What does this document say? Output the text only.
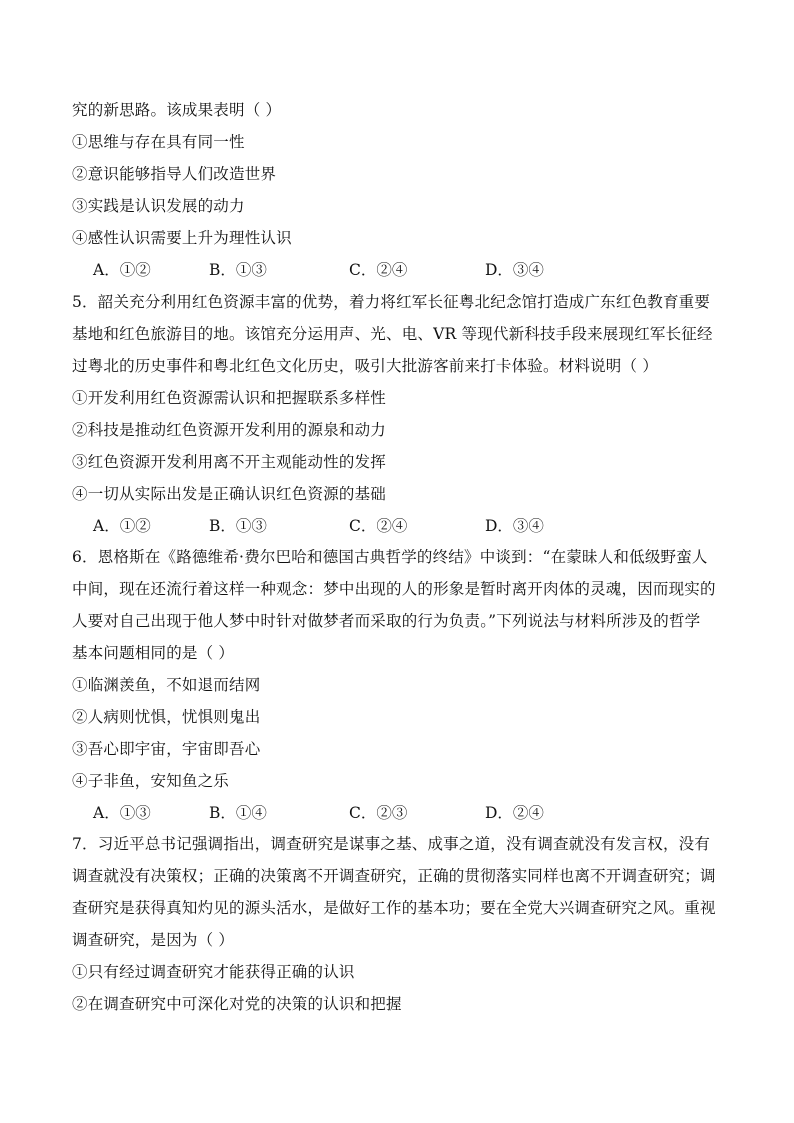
究的新思路。该成果表明（ ）
①思维与存在具有同一性
②意识能够指导人们改造世界
③实践是认识发展的动力
④感性认识需要上升为理性认识
A．①②	B．①③	C．②④	D．③④
5．韶关充分利用红色资源丰富的优势，着力将红军长征粤北纪念馆打造成广东红色教育重要
基地和红色旅游目的地。该馆充分运用声、光、电、VR 等现代新科技手段来展现红军长征经
过粤北的历史事件和粤北红色文化历史，吸引大批游客前来打卡体验。材料说明（ ）
①开发利用红色资源需认识和把握联系多样性
②科技是推动红色资源开发利用的源泉和动力
③红色资源开发利用离不开主观能动性的发挥
④一切从实际出发是正确认识红色资源的基础
A．①②	B．①③	C．②④	D．③④
6．恩格斯在《路德维希·费尔巴哈和德国古典哲学的终结》中谈到：“在蒙昧人和低级野蛮人
中间，现在还流行着这样一种观念：梦中出现的人的形象是暂时离开肉体的灵魂，因而现实的
人要对自己出现于他人梦中时针对做梦者而采取的行为负责。”下列说法与材料所涉及的哲学
基本问题相同的是（ ）
①临渊羡鱼，不如退而结网
②人病则忧惧，忧惧则鬼出
③吾心即宇宙，宇宙即吾心
④子非鱼，安知鱼之乐
A．①③	B．①④	C．②③	D．②④
7．习近平总书记强调指出，调查研究是谋事之基、成事之道，没有调查就没有发言权，没有
调查就没有决策权；正确的决策离不开调查研究，正确的贯彻落实同样也离不开调查研究；调
查研究是获得真知灼见的源头活水，是做好工作的基本功；要在全党大兴调查研究之风。重视
调查研究，是因为（ ）
①只有经过调查研究才能获得正确的认识
②在调查研究中可深化对党的决策的认识和把握
